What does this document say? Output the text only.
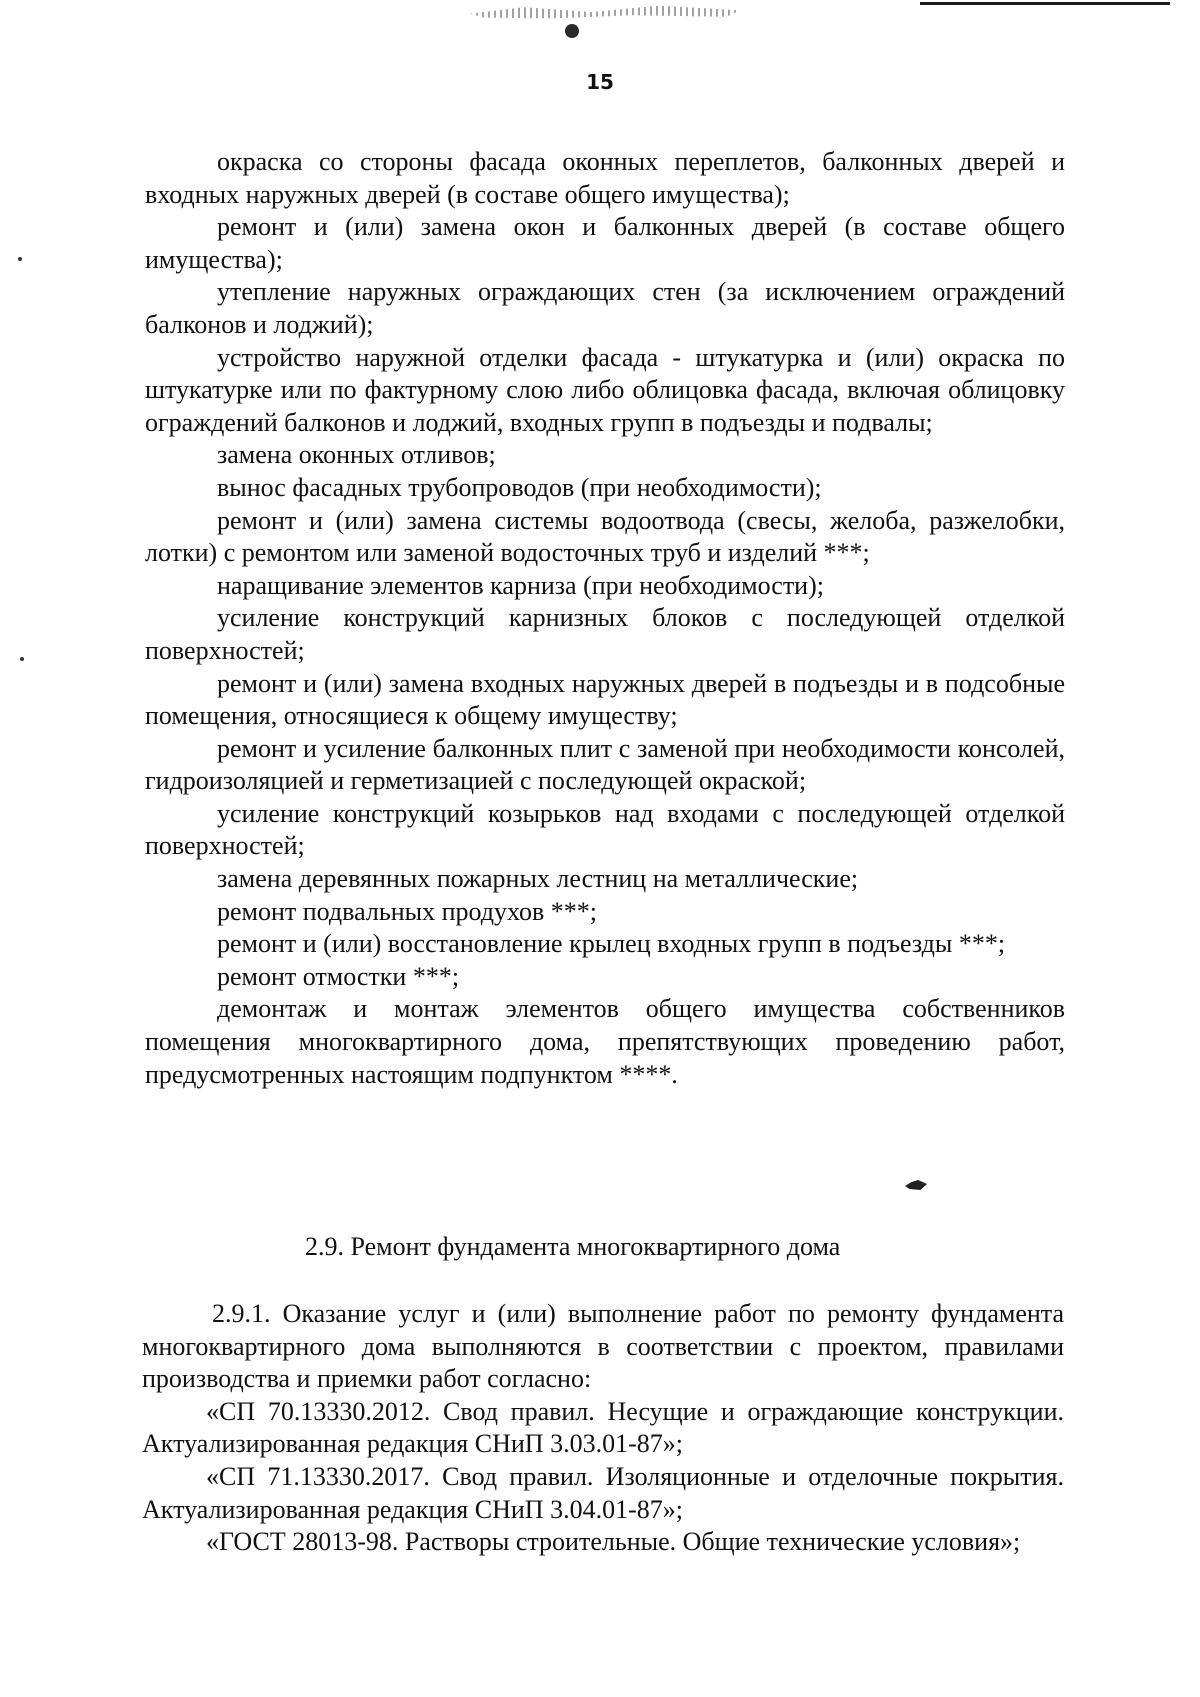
15

окраска со стороны фасада оконных переплетов, балконных дверей и входных наружных дверей (в составе общего имущества);

ремонт и (или) замена окон и балконных дверей (в составе общего имущества);

утепление наружных ограждающих стен (за исключением ограждений балконов и лоджий);

устройство наружной отделки фасада - штукатурка и (или) окраска по штукатурке или по фактурному слою либо облицовка фасада, включая облицовку ограждений балконов и лоджий, входных групп в подъезды и подвалы;

замена оконных отливов;

вынос фасадных трубопроводов (при необходимости);

ремонт и (или) замена системы водоотвода (свесы, желоба, разжелобки, лотки) с ремонтом или заменой водосточных труб и изделий ***;

наращивание элементов карниза (при необходимости);

усиление конструкций карнизных блоков с последующей отделкой поверхностей;

ремонт и (или) замена входных наружных дверей в подъезды и в подсобные помещения, относящиеся к общему имуществу;

ремонт и усиление балконных плит с заменой при необходимости консолей, гидроизоляцией и герметизацией с последующей окраской;

усиление конструкций козырьков над входами с последующей отделкой поверхностей;

замена деревянных пожарных лестниц на металлические;

ремонт подвальных продухов ***;

ремонт и (или) восстановление крылец входных групп в подъезды ***;

ремонт отмостки ***;

демонтаж и монтаж элементов общего имущества собственников помещения многоквартирного дома, препятствующих проведению работ, предусмотренных настоящим подпунктом ****.

2.9. Ремонт фундамента многоквартирного дома

2.9.1. Оказание услуг и (или) выполнение работ по ремонту фундамента многоквартирного дома выполняются в соответствии с проектом, правилами производства и приемки работ согласно:

«СП 70.13330.2012. Свод правил. Несущие и ограждающие конструкции. Актуализированная редакция СНиП 3.03.01-87»;

«СП 71.13330.2017. Свод правил. Изоляционные и отделочные покрытия. Актуализированная редакция СНиП 3.04.01-87»;

«ГОСТ 28013-98. Растворы строительные. Общие технические условия»;
